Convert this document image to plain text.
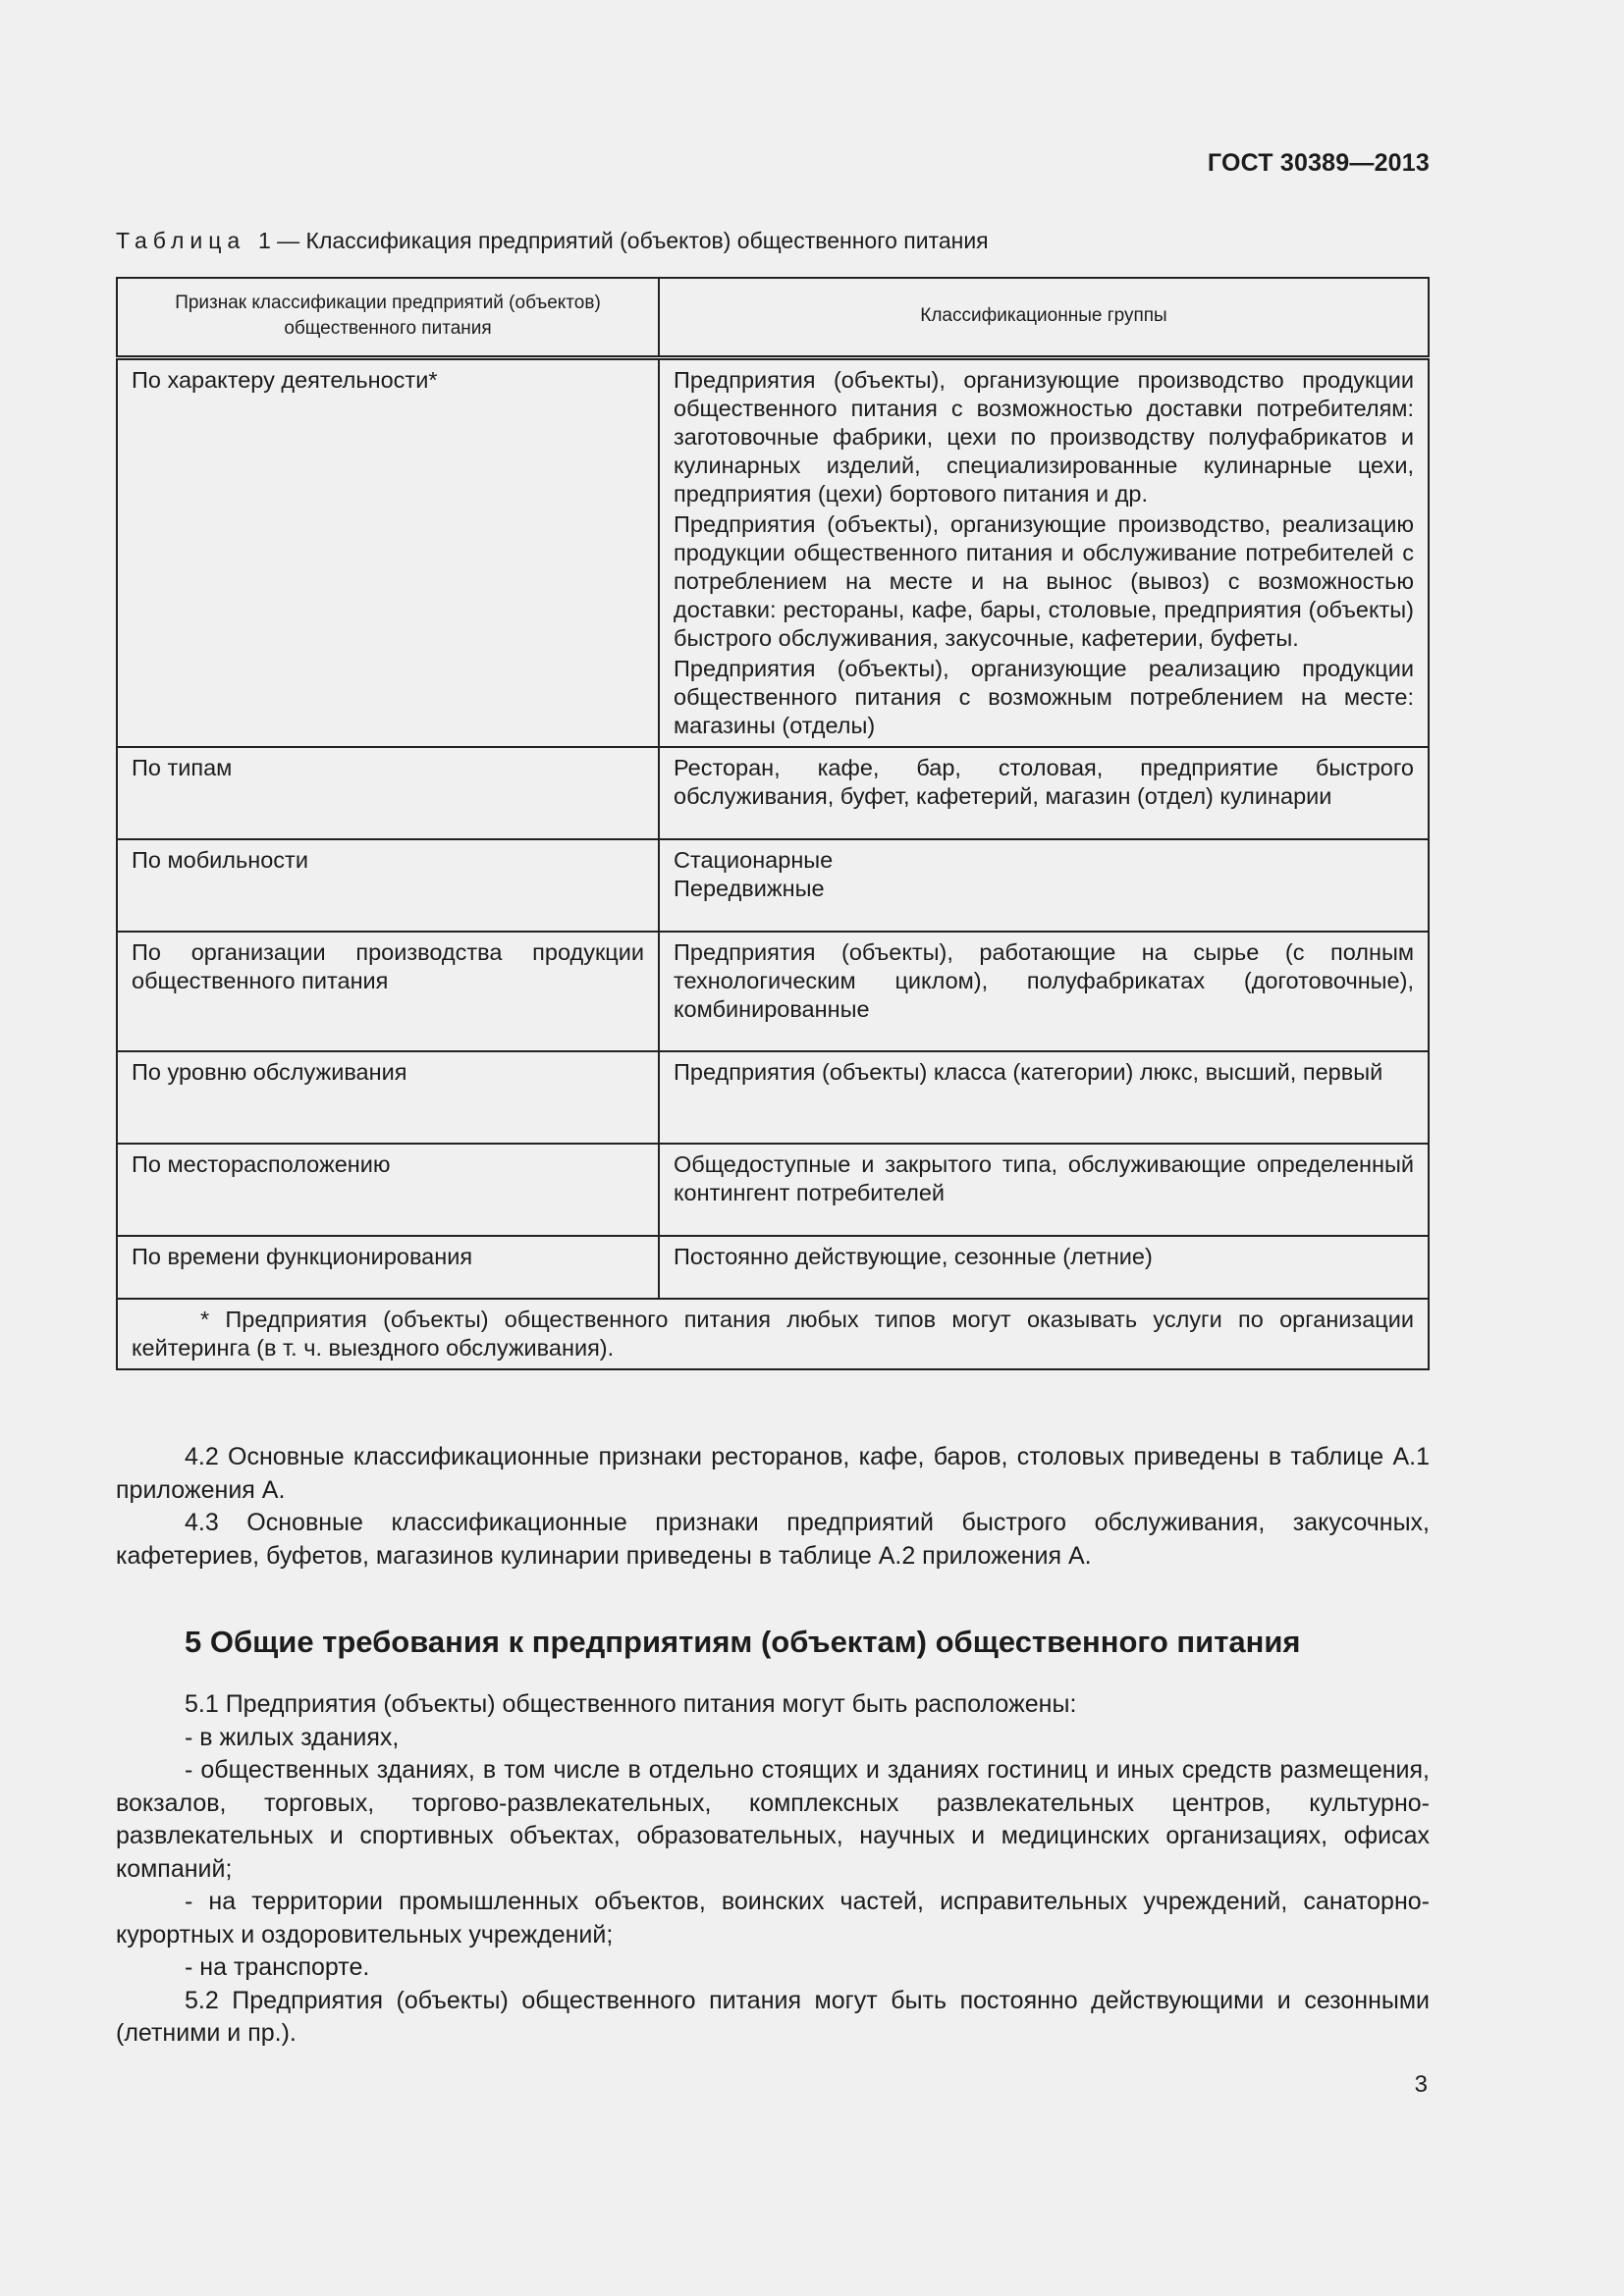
ГОСТ 30389—2013
Таблица 1 — Классификация предприятий (объектов) общественного питания
Признак классификации предприятий (объектов) общественного питания	Классификационные группы
По характеру деятельности*	Предприятия (объекты), организующие производство продукции общественного питания с возможностью доставки потребителям: заготовочные фабрики, цехи по производству полуфабрикатов и кулинарных изделий, специализированные кулинарные цехи, предприятия (цехи) бортового питания и др.

Предприятия (объекты), организующие производство, реализацию продукции общественного питания и обслуживание потребителей с потреблением на месте и на вынос (вывоз) с возможностью доставки: рестораны, кафе, бары, столовые, предприятия (объекты) быстрого обслуживания, закусочные, кафетерии, буфеты.

Предприятия (объекты), организующие реализацию продукции общественного питания с возможным потреблением на месте: магазины (отделы)

По типам	Ресторан, кафе, бар, столовая, предприятие быстрого обслуживания, буфет, кафетерий, магазин (отдел) кулинарии

По мобильности	Стационарные
Передвижные

По организации производства продукции общественного питания	Предприятия (объекты), работающие на сырье (с полным технологическим циклом), полуфабрикатах (доготовочные), комбинированные

По уровню обслуживания	Предприятия (объекты) класса (категории) люкс, высший, первый

По месторасположению	Общедоступные и закрытого типа, обслуживающие определенный контингент потребителей

По времени функционирования	Постоянно действующие, сезонные (летние)

* Предприятия (объекты) общественного питания любых типов могут оказывать услуги по организации кейтеринга (в т. ч. выездного обслуживания).	

4.2 Основные классификационные признаки ресторанов, кафе, баров, столовых приведены в таблице А.1 приложения А.

4.3 Основные классификационные признаки предприятий быстрого обслуживания, закусочных, кафетериев, буфетов, магазинов кулинарии приведены в таблице А.2 приложения А.

5 Общие требования к предприятиям (объектам) общественного питания

5.1 Предприятия (объекты) общественного питания могут быть расположены:

- в жилых зданиях,

- общественных зданиях, в том числе в отдельно стоящих и зданиях гостиниц и иных средств размещения, вокзалов, торговых, торгово-развлекательных, комплексных развлекательных центров, культурно-развлекательных и спортивных объектах, образовательных, научных и медицинских организациях, офисах компаний;

- на территории промышленных объектов, воинских частей, исправительных учреждений, санаторно-курортных и оздоровительных учреждений;

- на транспорте.

5.2 Предприятия (объекты) общественного питания могут быть постоянно действующими и сезонными (летними и пр.).

3
